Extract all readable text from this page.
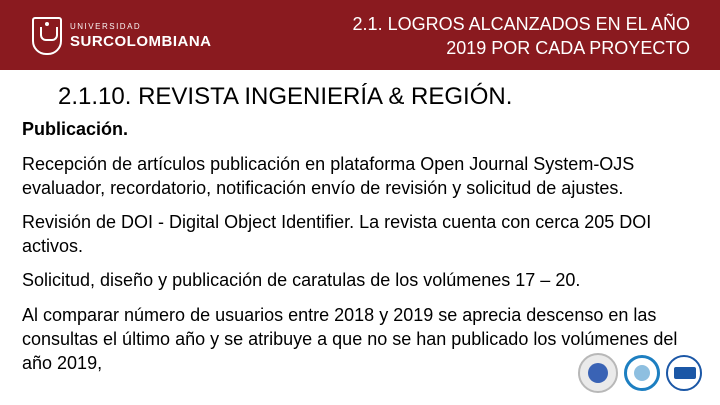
UNIVERSIDAD
SURCOLOMBIANA
2.1. LOGROS ALCANZADOS EN EL AÑO
2019 POR CADA PROYECTO
2.1.10. REVISTA INGENIERÍA & REGIÓN.
Publicación.

Recepción de artículos publicación en plataforma Open Journal System-OJS evaluador, recordatorio, notificación envío de revisión y solicitud de ajustes.

Revisión de DOI - Digital Object Identifier. La revista cuenta con cerca 205 DOI activos.

Solicitud, diseño y publicación de caratulas de los volúmenes 17 – 20.

Al comparar número de usuarios entre 2018 y 2019 se aprecia descenso en las consultas el último año y se atribuye a que no se han publicado los volúmenes del año 2019,
